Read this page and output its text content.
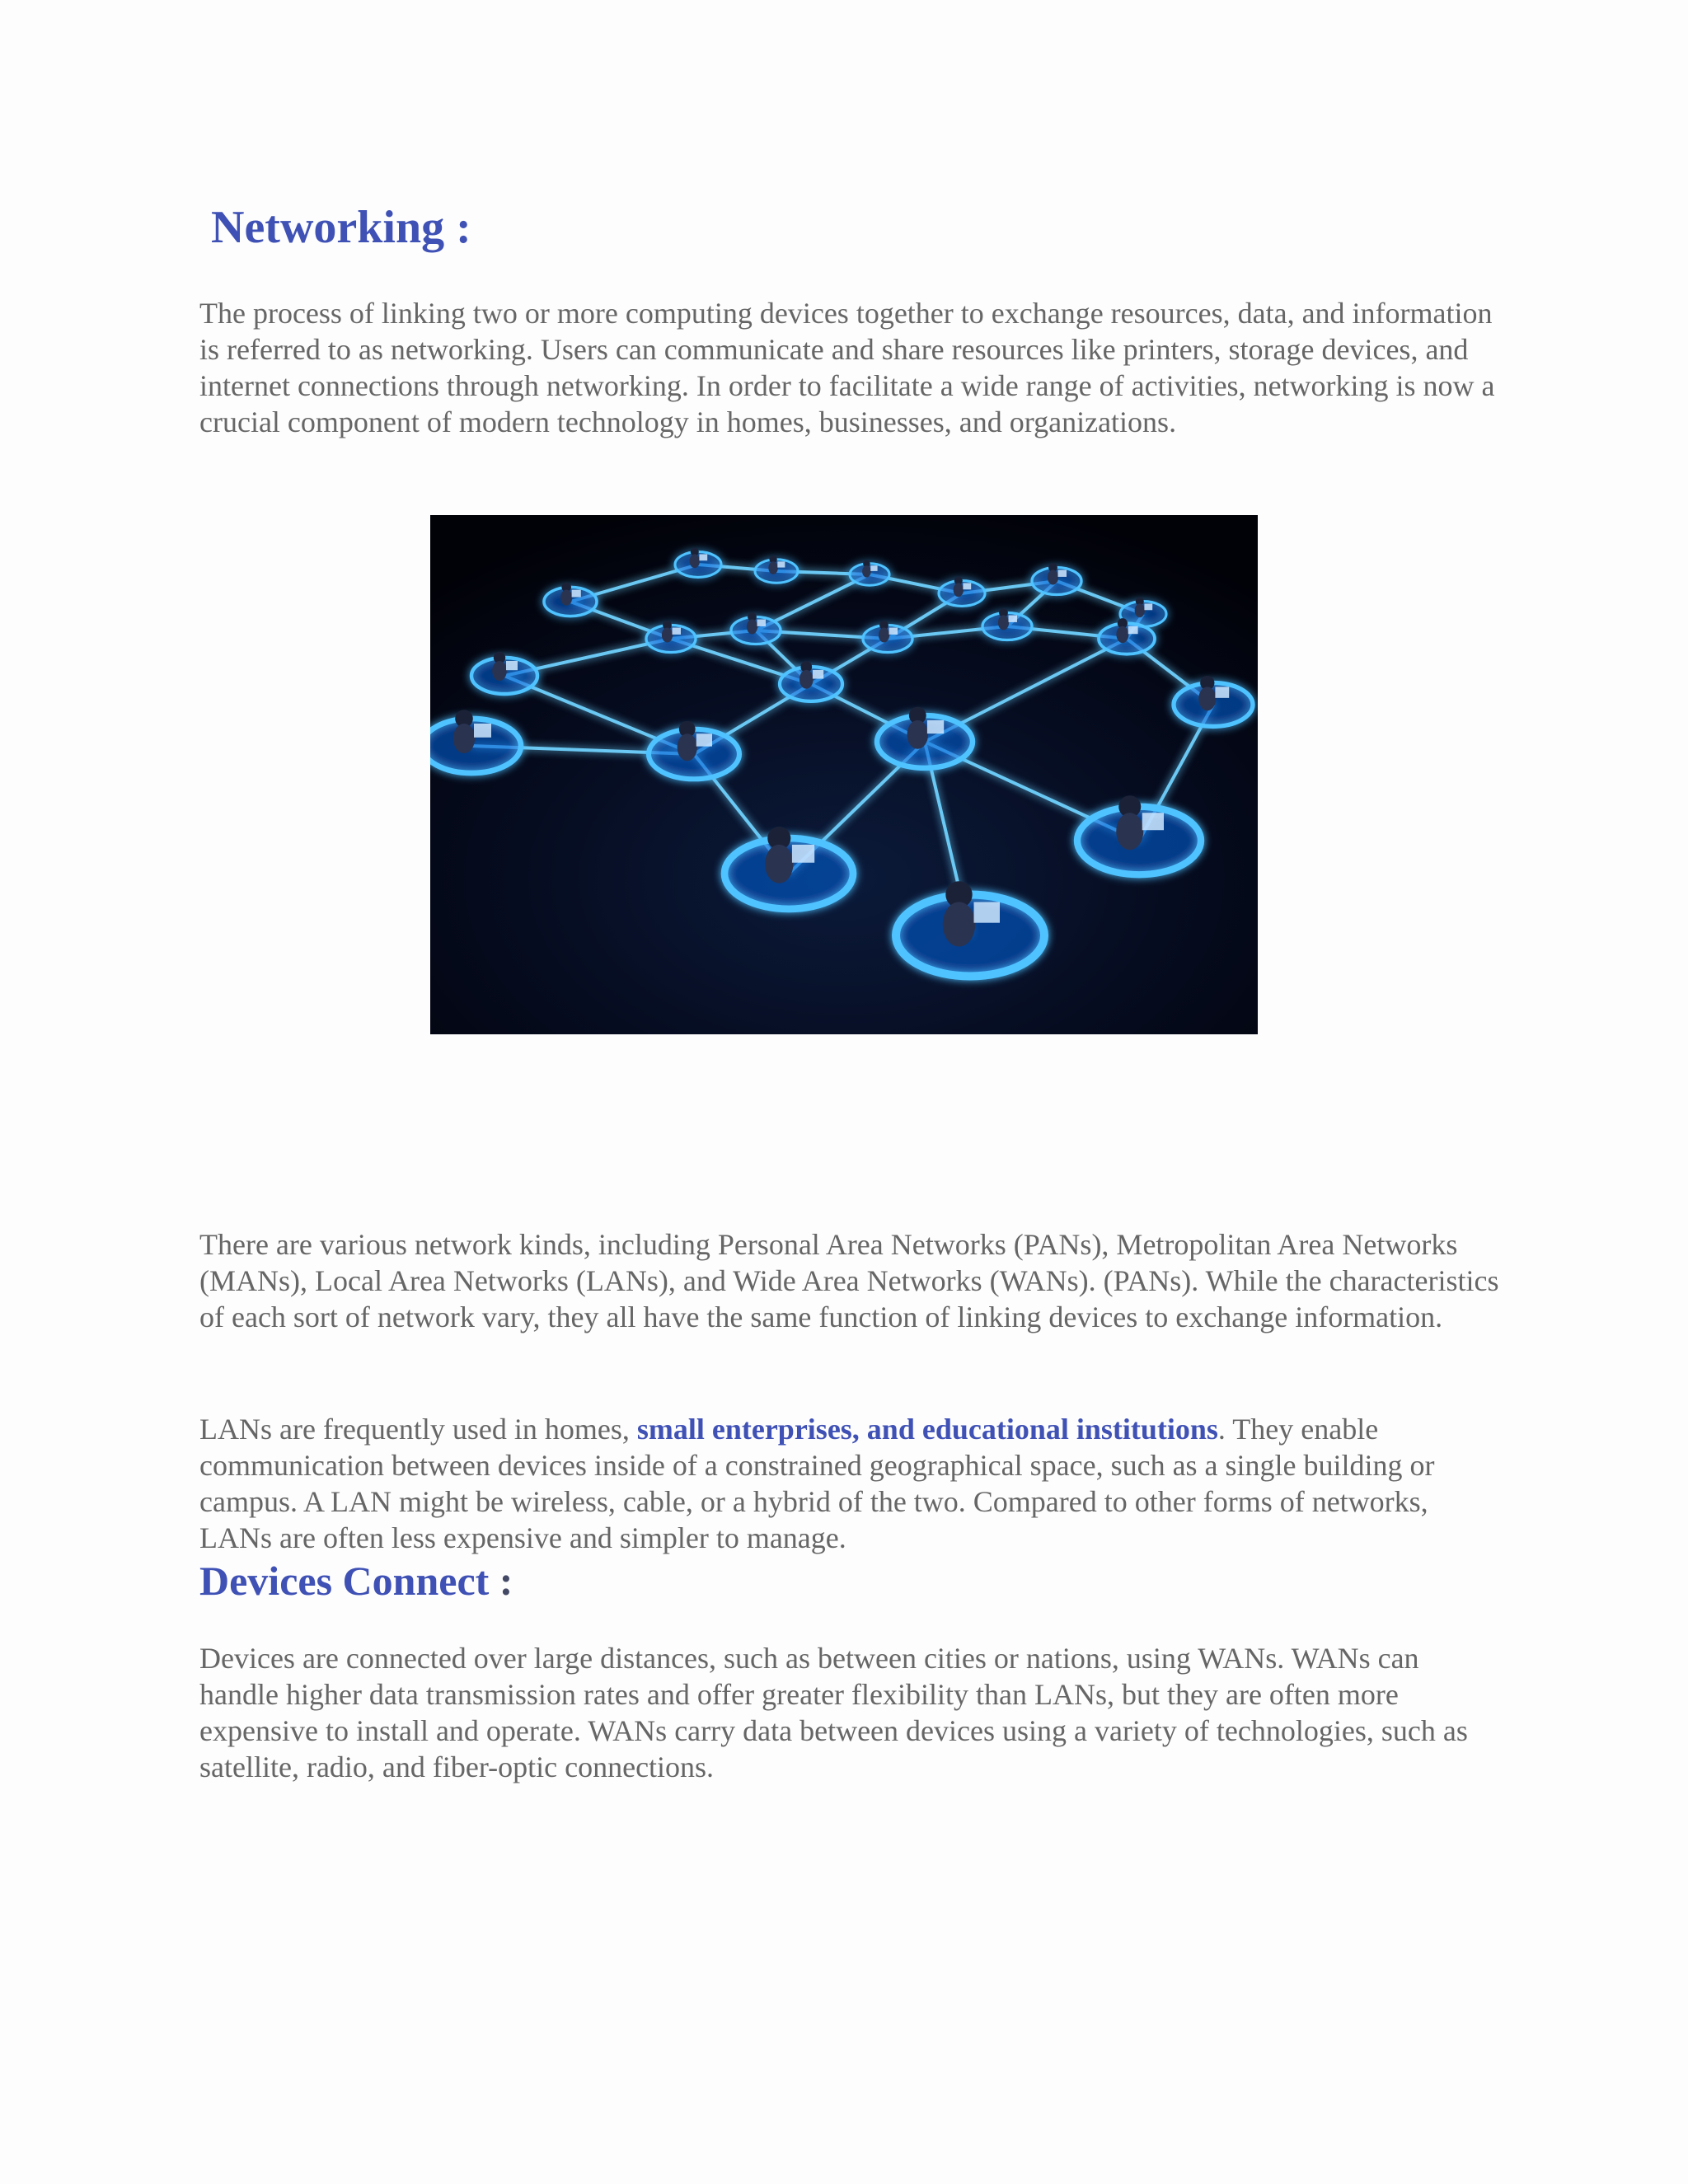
Networking :

The process of linking two or more computing devices together to exchange resources, data, and information is referred to as networking. Users can communicate and share resources like printers, storage devices, and internet connections through networking. In order to facilitate a wide range of activities, networking is now a crucial component of modern technology in homes, businesses, and organizations.

There are various network kinds, including Personal Area Networks (PANs), Metropolitan Area Networks (MANs), Local Area Networks (LANs), and Wide Area Networks (WANs). (PANs). While the characteristics of each sort of network vary, they all have the same function of linking devices to exchange information.

LANs are frequently used in homes, small enterprises, and educational institutions. They enable communication between devices inside of a constrained geographical space, such as a single building or campus. A LAN might be wireless, cable, or a hybrid of the two. Compared to other forms of networks, LANs are often less expensive and simpler to manage.

Devices Connect :

Devices are connected over large distances, such as between cities or nations, using WANs. WANs can handle higher data transmission rates and offer greater flexibility than LANs, but they are often more expensive to install and operate. WANs carry data between devices using a variety of technologies, such as satellite, radio, and fiber-optic connections.
